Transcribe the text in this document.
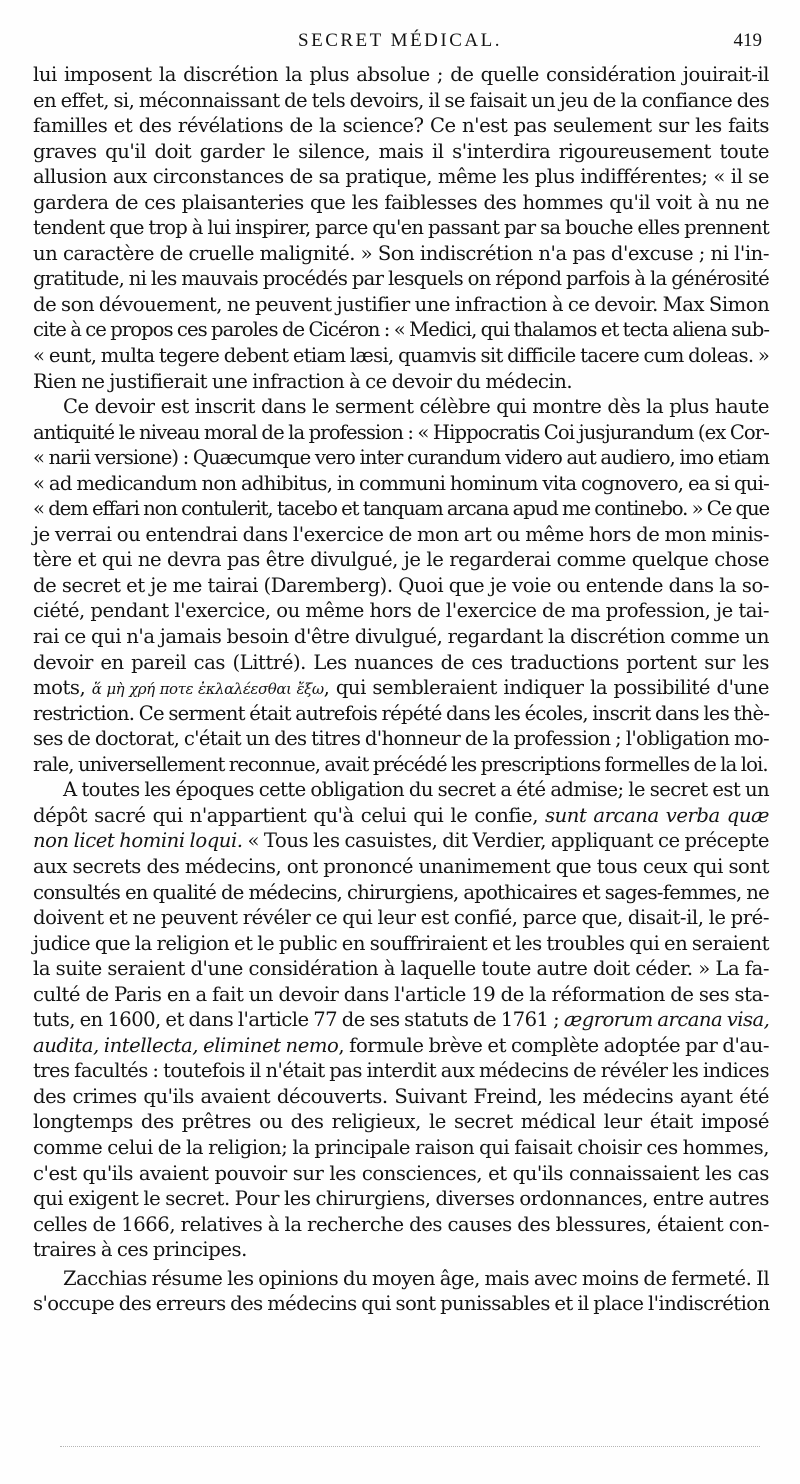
SECRET MÉDICAL.	419
lui imposent la discrétion la plus absolue ; de quelle considération jouirait-il
en effet, si, méconnaissant de tels devoirs, il se faisait un jeu de la confiance des
familles et des révélations de la science? Ce n'est pas seulement sur les faits
graves qu'il doit garder le silence, mais il s'interdira rigoureusement toute
allusion aux circonstances de sa pratique, même les plus indifférentes; « il se
gardera de ces plaisanteries que les faiblesses des hommes qu'il voit à nu ne
tendent que trop à lui inspirer, parce qu'en passant par sa bouche elles prennent
un caractère de cruelle malignité. » Son indiscrétion n'a pas d'excuse ; ni l'in-
gratitude, ni les mauvais procédés par lesquels on répond parfois à la générosité
de son dévouement, ne peuvent justifier une infraction à ce devoir. Max Simon
cite à ce propos ces paroles de Cicéron : « Medici, qui thalamos et tecta aliena sub-
« eunt, multa tegere debent etiam læsi, quamvis sit difficile tacere cum doleas. »
Rien ne justifierait une infraction à ce devoir du médecin.
Ce devoir est inscrit dans le serment célèbre qui montre dès la plus haute
antiquité le niveau moral de la profession : « Hippocratis Coi jusjurandum (ex Cor-
« narii versione) : Quæcumque vero inter curandum videro aut audiero, imo etiam
« ad medicandum non adhibitus, in communi hominum vita cognovero, ea si qui-
« dem effari non contulerit, tacebo et tanquam arcana apud me continebo. » Ce que
je verrai ou entendrai dans l'exercice de mon art ou même hors de mon minis-
tère et qui ne devra pas être divulgué, je le regarderai comme quelque chose
de secret et je me tairai (Daremberg). Quoi que je voie ou entende dans la so-
ciété, pendant l'exercice, ou même hors de l'exercice de ma profession, je tai-
rai ce qui n'a jamais besoin d'être divulgué, regardant la discrétion comme un
devoir en pareil cas (Littré). Les nuances de ces traductions portent sur les
mots, ἅ μὴ χρή ποτε ἐκλαλέεσθαι ἔξω, qui sembleraient indiquer la possibilité d'une
restriction. Ce serment était autrefois répété dans les écoles, inscrit dans les thè-
ses de doctorat, c'était un des titres d'honneur de la profession ; l'obligation mo-
rale, universellement reconnue, avait précédé les prescriptions formelles de la loi.
A toutes les époques cette obligation du secret a été admise; le secret est un
dépôt sacré qui n'appartient qu'à celui qui le confie, sunt arcana verba quæ
non licet homini loqui. « Tous les casuistes, dit Verdier, appliquant ce précepte
aux secrets des médecins, ont prononcé unanimement que tous ceux qui sont
consultés en qualité de médecins, chirurgiens, apothicaires et sages-femmes, ne
doivent et ne peuvent révéler ce qui leur est confié, parce que, disait-il, le pré-
judice que la religion et le public en souffriraient et les troubles qui en seraient
la suite seraient d'une considération à laquelle toute autre doit céder. » La fa-
culté de Paris en a fait un devoir dans l'article 19 de la réformation de ses sta-
tuts, en 1600, et dans l'article 77 de ses statuts de 1761 ; ægrorum arcana visa,
audita, intellecta, eliminet nemo, formule brève et complète adoptée par d'au-
tres facultés : toutefois il n'était pas interdit aux médecins de révéler les indices
des crimes qu'ils avaient découverts. Suivant Freind, les médecins ayant été
longtemps des prêtres ou des religieux, le secret médical leur était imposé
comme celui de la religion; la principale raison qui faisait choisir ces hommes,
c'est qu'ils avaient pouvoir sur les consciences, et qu'ils connaissaient les cas
qui exigent le secret. Pour les chirurgiens, diverses ordonnances, entre autres
celles de 1666, relatives à la recherche des causes des blessures, étaient con-
traires à ces principes.
Zacchias résume les opinions du moyen âge, mais avec moins de fermeté. Il
s'occupe des erreurs des médecins qui sont punissables et il place l'indiscrétion
